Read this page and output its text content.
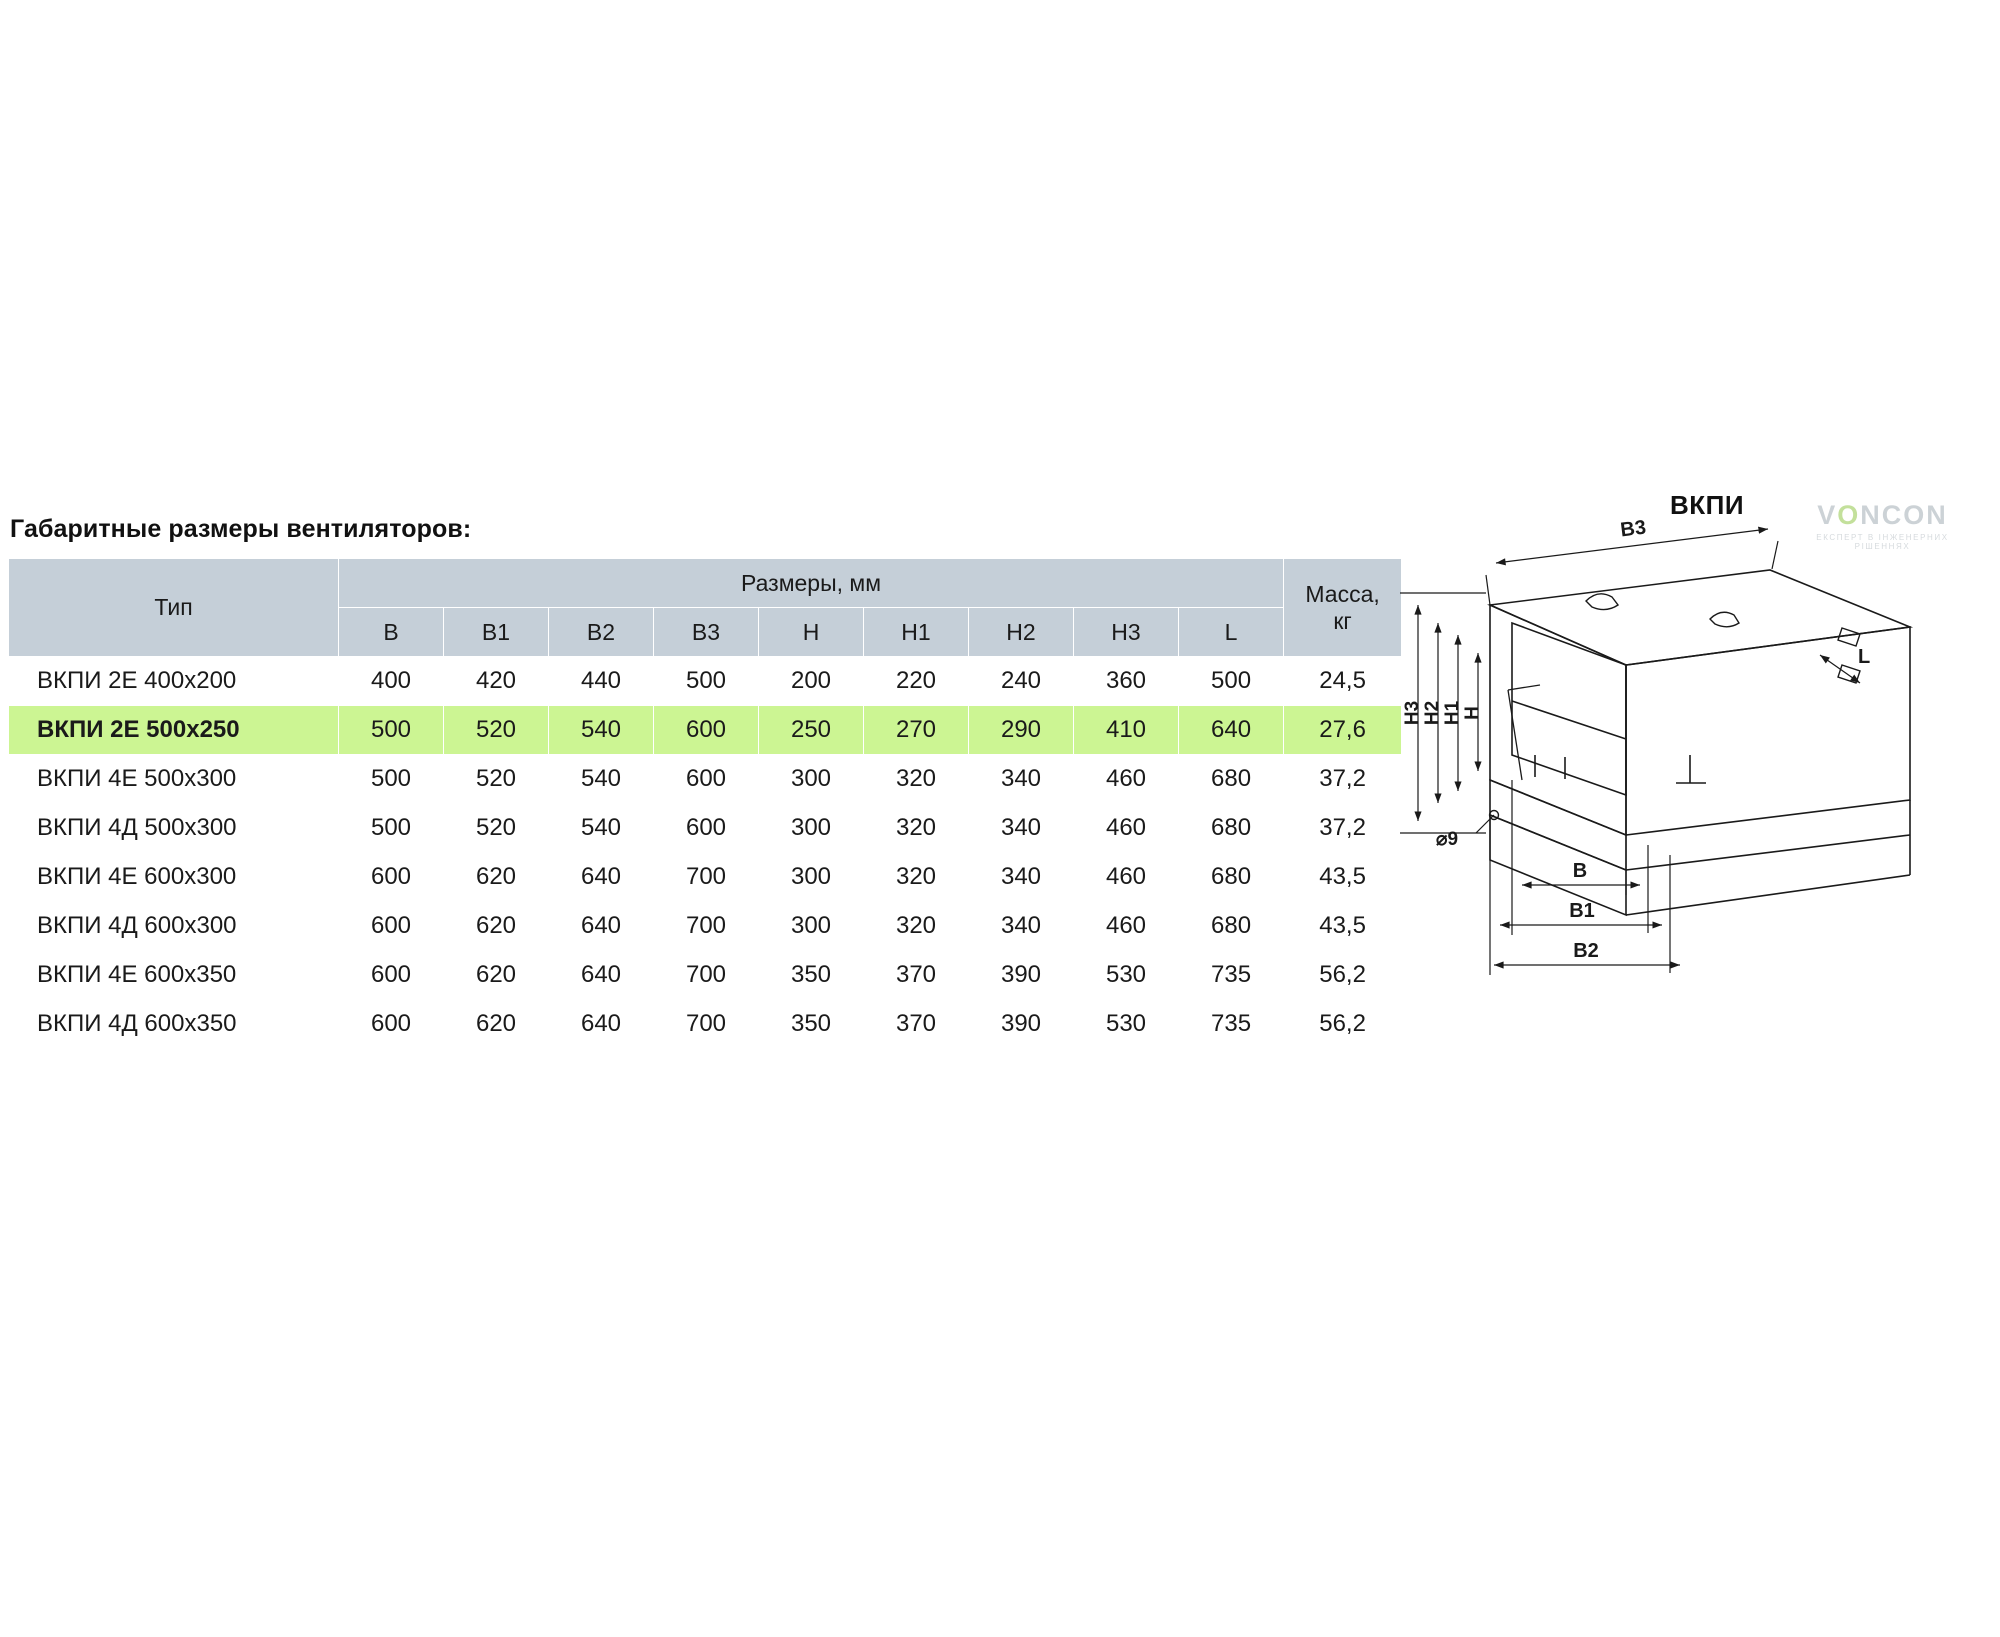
Габаритные размеры вентиляторов:
Тип	Размеры, мм									Масса,
кг

	B	B1	B2	B3	H	H1	H2	H3	L	
ВКПИ 2Е 400х200	400	420	440	500	200	220	240	360	500	24,5
ВКПИ 2Е 500х250	500	520	540	600	250	270	290	410	640	27,6
ВКПИ 4Е 500х300	500	520	540	600	300	320	340	460	680	37,2
ВКПИ 4Д 500х300	500	520	540	600	300	320	340	460	680	37,2
ВКПИ 4Е 600х300	600	620	640	700	300	320	340	460	680	43,5
ВКПИ 4Д 600х300	600	620	640	700	300	320	340	460	680	43,5
ВКПИ 4Е 600х350	600	620	640	700	350	370	390	530	735	56,2
ВКПИ 4Д 600х350	600	620	640	700	350	370	390	530	735	56,2
ВКПИ	VONCON
ЕКСПЕРТ В ІНЖЕНЕРНИХ РІШЕННЯХ
B3
L
H3 H2 H1 H
⌀9
B
B1
B2
